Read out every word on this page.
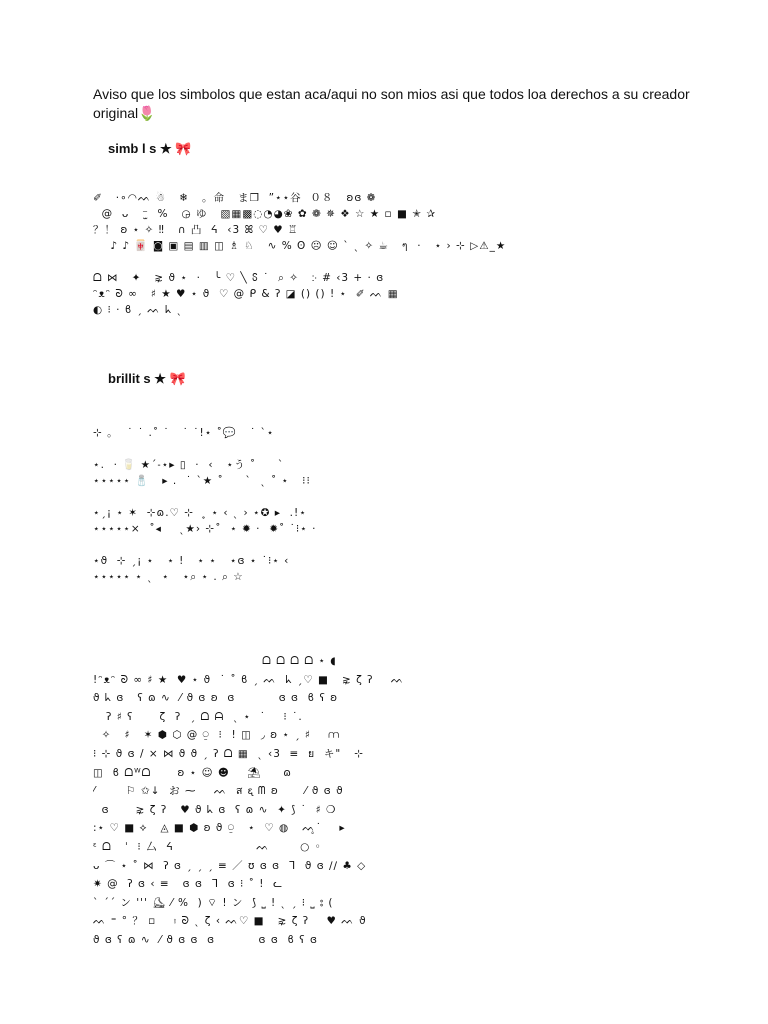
Aviso que los simbolos que estan aca/aqui no son mios asi que todos loa derechos a su creador original🌷
simb l s ★ 🎀
✐   ·∘◠ᨓ ☃   ❄   。命   ま❐  ”⋆⋆谷  ０８   ʚɞ ❁
@  ᴗ   ⁻̫  %   ◶ ゆ   ▧▦▩◌◔◕❀ ✿ ❁ ✵ ❖ ☆ ★ ▫ ■ ✭ ✰
？！ ʚ ⋆ ✧ ‼   ∩ 凸  ᔦ  ‹3 ꕤ ♡ ♥ ♖
♪ ♪ 🀄 ◙ ▣ ▤ ▥ ◫ ♗ ♘   ∿ % ʘ ☹ ☺ ˋ ˎ ✧ ☕   ๆ  ·   ⋆ › ⊹ ▷⚠_★

ᗝ ⋈   ✦   ⋧ ϑ ⋆  ·   ╰ ♡ ╲ ჽ ˙  ⌕ ✧   ჻ # ‹3 + · ɞ
ᵔᴥᵔ ᘐ ∞   ♯ ★ ♥ ⋆ ϑ  ♡ @ ᑭ & ʔ ◪ () () ! ⋆  ✐ ᨓ ▦
◐ ⁝ · ϐ ˏ ᨓ ᖾ ˎ
brillit s ★ 🎀
⊹ 。  ˙ ˙ .˚ ˙   ˙ ˙!⋆ ˚💬   ˙ ˋ⋆

⋆.  · 🥛 ★ˊ˗⋆▸ ▯  ·  ‹   ⋆う ˚     ˋ
⋆⋆⋆⋆⋆ 🧂   ▸ .  ˙ ˋ★ ˚     ˋ  ˎ ˚ ⋆   ⁝⁝

⋆ˏ¡ ⋆ ✶  ⊹ɷ.♡ ⊹   ̥ ⋆ ‹ ˎ › ⋆✪ ▸  .!⋆
⋆⋆⋆⋆⋆×  ˚◂    ˎ★› ⊹˚  ⋆ ✹ ·  ✹˚ ˙⁝⋆ ·

⋆ϑ  ⊹ ˏ¡ ⋆   ⋆ !   ⋆ ⋆   ⋆ɞ ⋆ ˙⁝⋆ ‹
⋆⋆⋆⋆⋆ ⋆ ˎ  ⋆   ⋆⌕ ⋆ . ⌕ ☆
ᗝ ᗝ ᗝ ᗝ ⋆ ◖
!ᵔᴥᵔ ᘐ ∞ ♯ ★  ♥ ⋆ ϑ  ˙ ˚ ϐ ˏ ᨓ  ᖾ ˏ♡ ■   ⋧ ζ ʔ    ᨓ
ϑ ᖾ ɞ   ʕ ɷ ∿  ⁄ ϑ ɞ ʚ  ɞ          ɞ ɞ  ϐ ʕ ʚ
ʔ ♯ ʕ      ζ  ʔ  ˏ ᗝ ᗩ  ˎ ⋆  ˙    ⁝ ˙.
✧   ♯   ✶ ⬢ ⬡ @ ⍜  ⁝  ! ◫  ◞ ʚ ⋆ ˏ ♯    ⩋
⁝ ⊹ ϑ ɞ / × ⋈ ϑ ϑ ˏ ʔ ᗝ ▦  ˎ ‹3  ≡  ย  キ"   ⊹
◫  ϐ ᗝᵂᗝ      ʚ ⋆ ☺ ☻    ⛱     ɷ
⁄       ⚐ ✩↓  お ⁓    ᨓ  ส ᶓ ᗰ ʚ      ⁄ ϑ ɞ ϑ
ɞ      ⋧ ζ ʔ   ♥ ϑ ᖾ ɞ  ʕ ɷ ∿  ✦ ⟆ ˙  ♯ ❍
:⋆ ♡ ■ ⟡   ◬ ■ ⬢ ʚ ϑ ⍜   ⋆  ♡ ◍   ᨓ̥˙    ▸
ᵋ ᗝ   ˈ  ⁝ 厶  ᔦ                   ᨓ       ○ ◦
ᴗ ⌒ ⋆ ˚ ⋈  ʔ ɞ ˏ ˏ ˏ ≡ ／ ʊ ɞ ɞ  ᒣ  ϑ ɞ ∕∕ ♣ ◇
✷ @  ʔ ɞ ‹ ≡   ɞ ɞ  ᒣ  ɞ ⁝ ˚ !  ᓚ
ˋ ˊˊ ン ''' ⛸ ⁄ %  ) ⌔ ! ン  ⟆ ⎵ ! ˎ ˏ ⁝ ⎵ ⦂ (
ᨓ ⁼ ° ？ ▫    ⦂ ᘐ ˎ ζ ‹ ᨓ♡ ■   ⋧ ζ ʔ    ♥ ᨓ ϑ
ϑ ɞ ʕ ɷ ∿  ⁄ ϑ ɞ ɞ  ɞ          ɞ ɞ  ϐ ʕ ɞ
